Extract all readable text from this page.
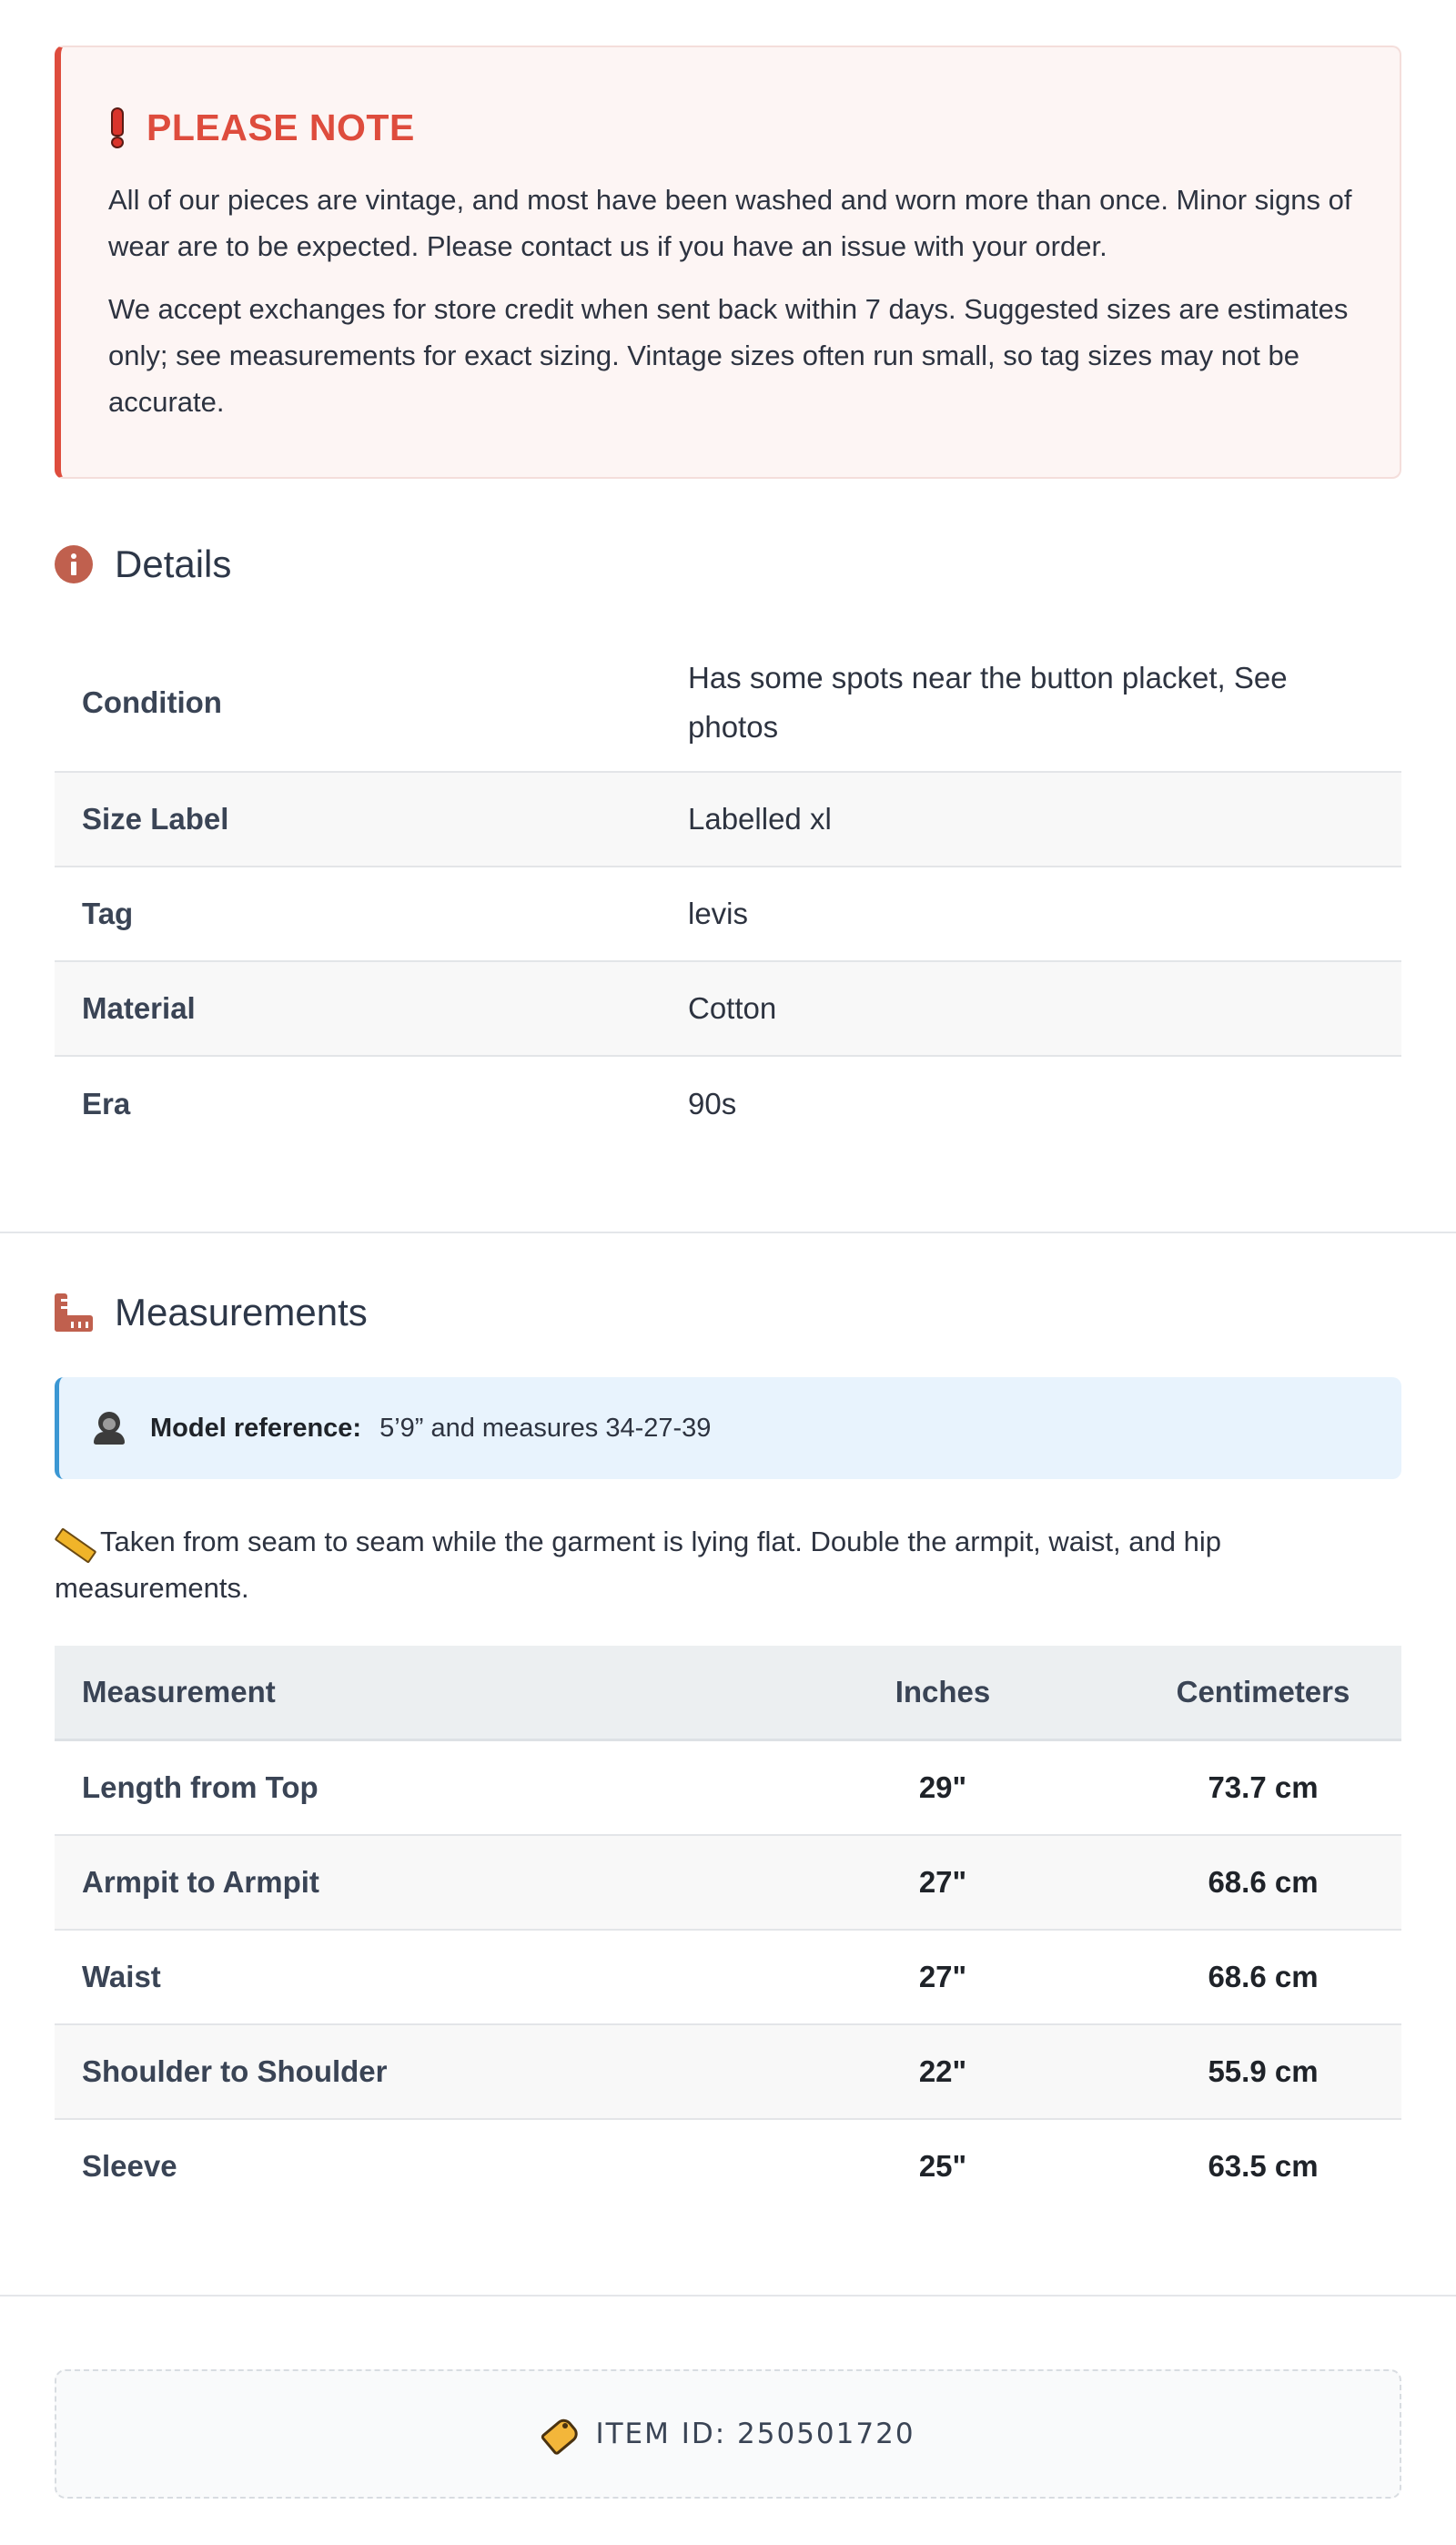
PLEASE NOTE

All of our pieces are vintage, and most have been washed and worn more than once. Minor signs of wear are to be expected. Please contact us if you have an issue with your order.

We accept exchanges for store credit when sent back within 7 days. Suggested sizes are estimates only; see measurements for exact sizing. Vintage sizes often run small, so tag sizes may not be accurate.

Details
Condition	Has some spots near the button placket, See photos
Size Label	Labelled xl
Tag	levis
Material	Cotton
Era	90s
Measurements
Model reference: 5’9” and measures 34-27-39
Taken from seam to seam while the garment is lying flat. Double the armpit, waist, and hip measurements.
Measurement	Inches	Centimeters
Length from Top	29"	73.7 cm
Armpit to Armpit	27"	68.6 cm
Waist	27"	68.6 cm
Shoulder to Shoulder	22"	55.9 cm
Sleeve	25"	63.5 cm
ITEM ID: 250501720
